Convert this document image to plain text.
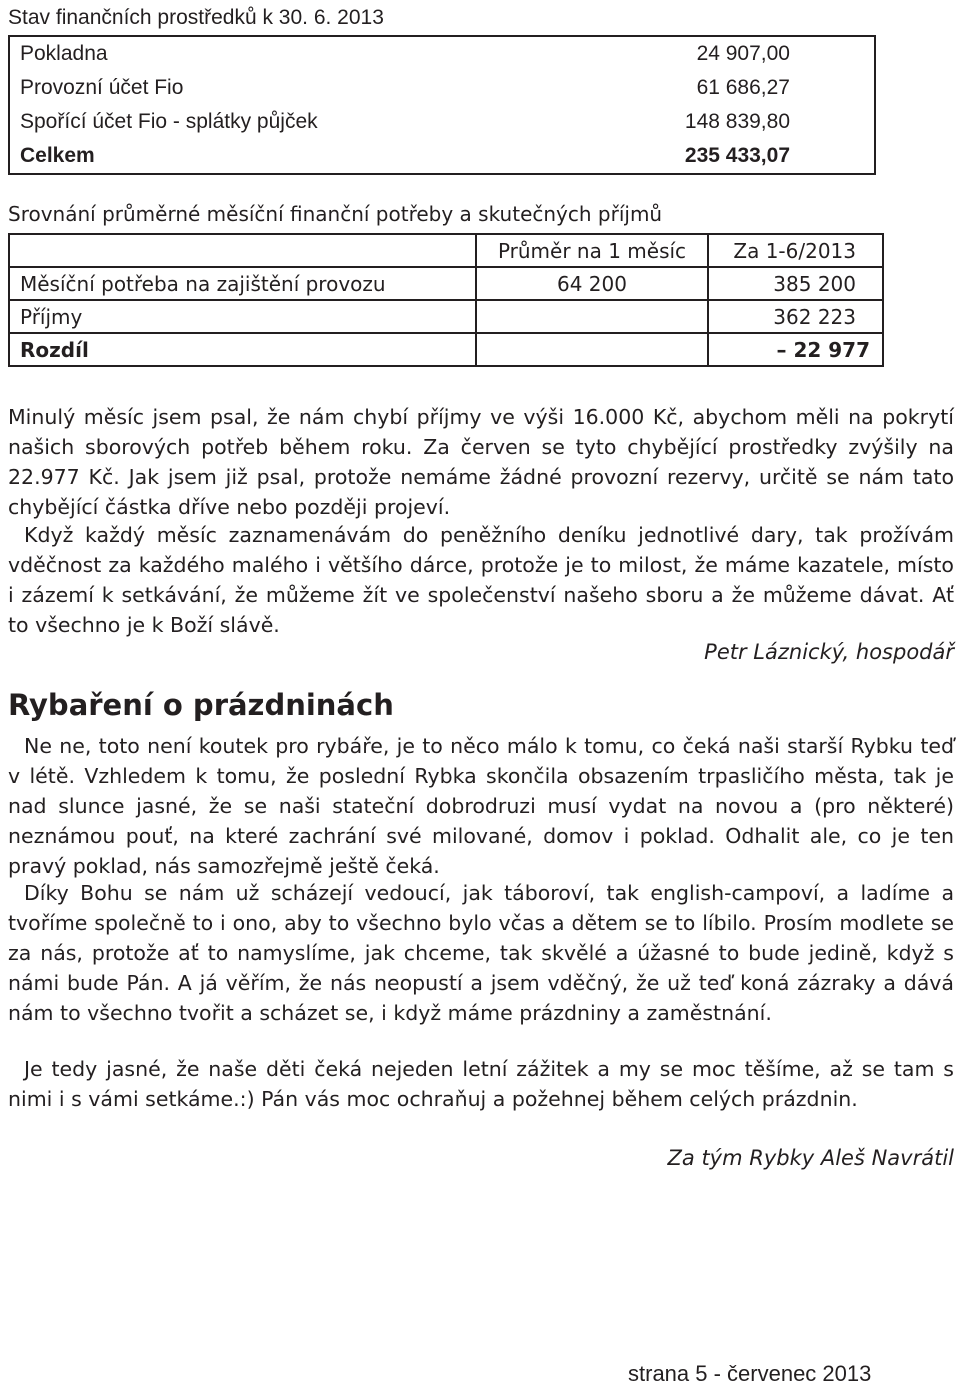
Stav finančních prostředků k 30. 6. 2013
Pokladna	24 907,00
Provozní účet Fio	61 686,27
Spořící účet Fio - splátky půjček	148 839,80
Celkem	235 433,07
Srovnání průměrné měsíční finanční potřeby a skutečných příjmů
	Průměr na 1 měsíc	Za 1-6/2013
Měsíční potřeba na zajištění provozu	64 200	385 200
Příjmy		362 223
Rozdíl		– 22 977

Minulý měsíc jsem psal, že nám chybí příjmy ve výši 16.000 Kč, abychom měli na pokrytí našich sborových potřeb během roku. Za červen se tyto chybějící prostředky zvýšily na 22.977 Kč. Jak jsem již psal, protože nemáme žádné provozní rezervy, určitě se nám tato chybějící částka dříve nebo později projeví.

Když každý měsíc zaznamenávám do peněžního deníku jednotlivé dary, tak prožívám vděčnost za každého malého i většího dárce, protože je to milost, že máme kazatele, místo i zázemí k setkávání, že můžeme žít ve společenství našeho sboru a že můžeme dávat. Ať to všechno je k Boží slávě.

Petr Láznický, hospodář
Rybaření o prázdninách

Ne ne, toto není koutek pro rybáře, je to něco málo k tomu, co čeká naši starší Rybku teď v létě. Vzhledem k tomu, že poslední Rybka skončila obsazením trpasličího města, tak je nad slunce jasné, že se naši stateční dobrodruzi musí vydat na novou a (pro některé) neznámou pouť, na které zachrání své milované, domov i poklad. Odhalit ale, co je ten pravý poklad, nás samozřejmě ještě čeká.

Díky Bohu se nám už scházejí vedoucí, jak táboroví, tak english-campoví, a ladíme a tvoříme společně to i ono, aby to všechno bylo včas a dětem se to líbilo. Prosím modlete se za nás, protože ať to namyslíme, jak chceme, tak skvělé a úžasné to bude jedině, když s námi bude Pán. A já věřím, že nás neopustí a jsem vděčný, že už teď koná zázraky a dává nám to všechno tvořit a scházet se, i když máme prázdniny a zaměstnání.

Je tedy jasné, že naše děti čeká nejeden letní zážitek a my se moc těšíme, až se tam s nimi i s vámi setkáme.:) Pán vás moc ochraňuj a požehnej během celých prázdnin.

Za tým Rybky Aleš Navrátil
strana 5 - červenec 2013
